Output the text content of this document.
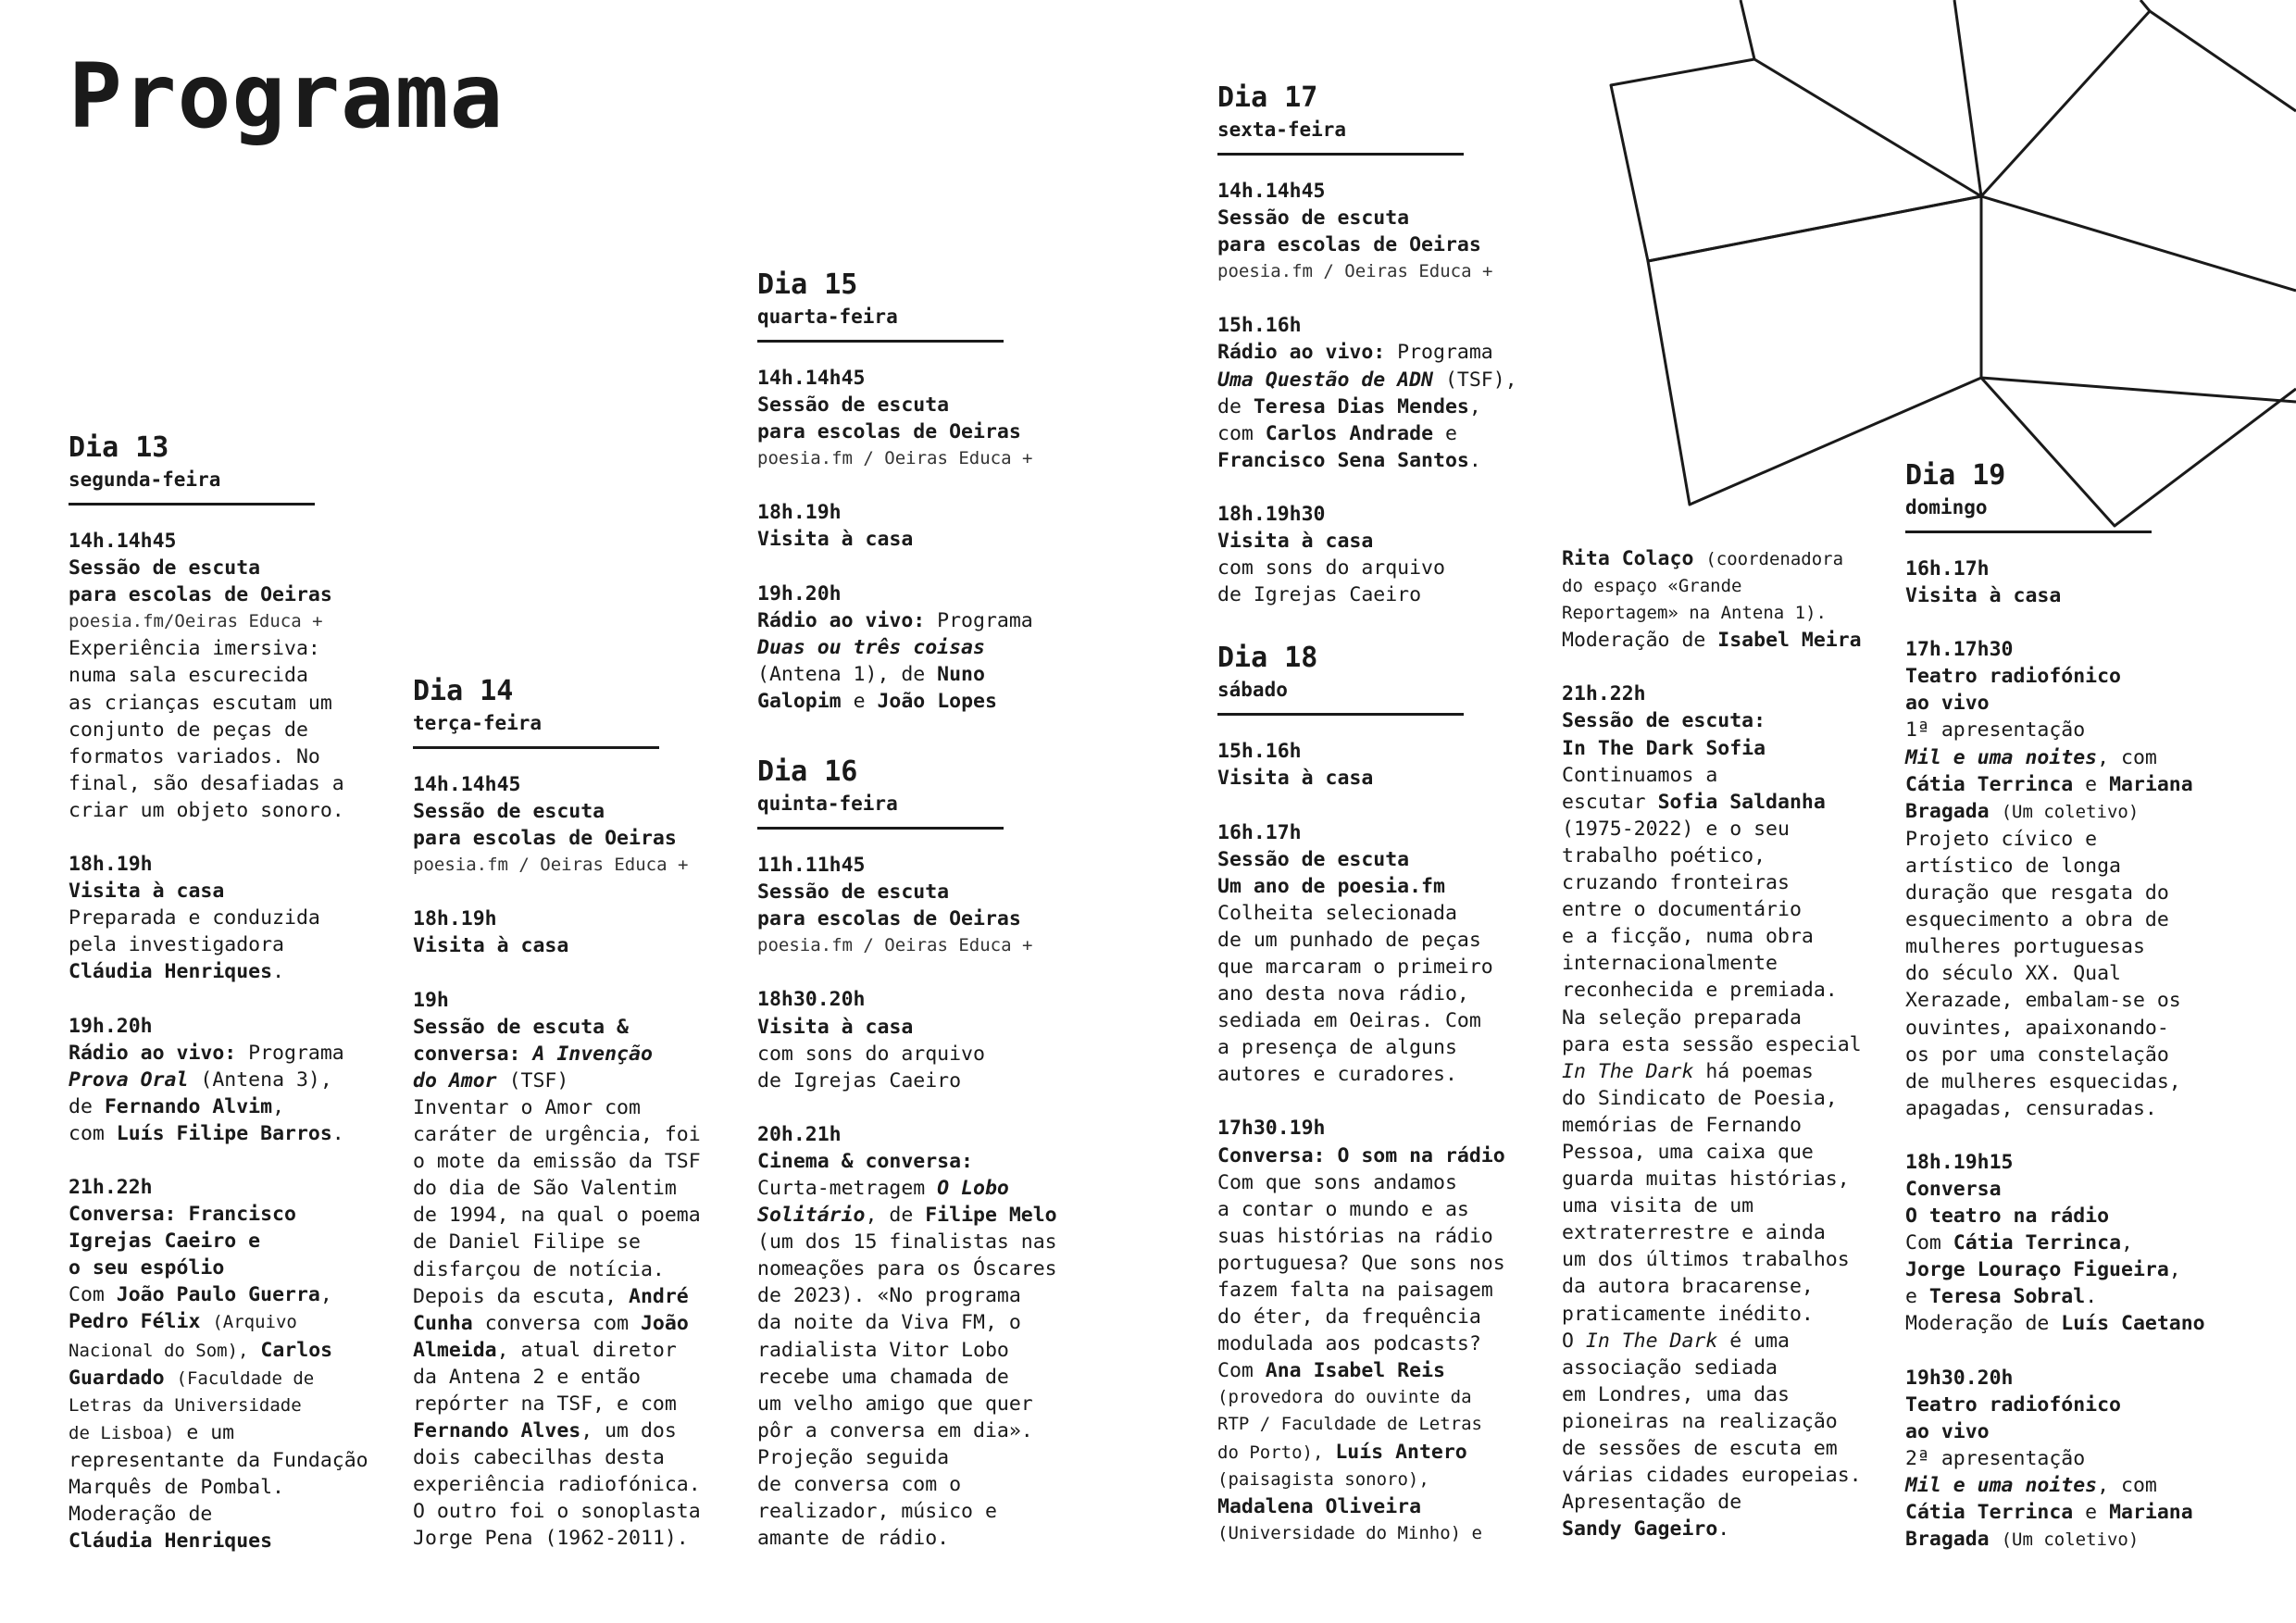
Programa
Dia 13

segunda-feira

14h.14h45

Sessão de escuta

para escolas de Oeiras

poesia.fm/Oeiras Educa +

Experiência imersiva:

numa sala escurecida

as crianças escutam um

conjunto de peças de

formatos variados. No

final, são desafiadas a

criar um objeto sonoro.

18h.19h

Visita à casa

Preparada e conduzida

pela investigadora

Cláudia Henriques.

19h.20h

Rádio ao vivo: Programa

Prova Oral (Antena 3),

de Fernando Alvim,

com Luís Filipe Barros.

21h.22h

Conversa: Francisco

Igrejas Caeiro e

o seu espólio

Com João Paulo Guerra,

Pedro Félix (Arquivo

Nacional do Som), Carlos

Guardado (Faculdade de

Letras da Universidade

de Lisboa) e um

representante da Fundação

Marquês de Pombal.

Moderação de

Cláudia Henriques

Dia 14

terça-feira

14h.14h45

Sessão de escuta

para escolas de Oeiras

poesia.fm / Oeiras Educa +

18h.19h

Visita à casa

19h

Sessão de escuta &

conversa: A Invenção

do Amor (TSF)

Inventar o Amor com

caráter de urgência, foi

o mote da emissão da TSF

do dia de São Valentim

de 1994, na qual o poema

de Daniel Filipe se

disfarçou de notícia.

Depois da escuta, André

Cunha conversa com João

Almeida, atual diretor

da Antena 2 e então

repórter na TSF, e com

Fernando Alves, um dos

dois cabecilhas desta

experiência radiofónica.

O outro foi o sonoplasta

Jorge Pena (1962-2011).

Dia 15

quarta-feira

14h.14h45

Sessão de escuta

para escolas de Oeiras

poesia.fm / Oeiras Educa +

18h.19h

Visita à casa

19h.20h

Rádio ao vivo: Programa

Duas ou três coisas

(Antena 1), de Nuno

Galopim e João Lopes

Dia 16

quinta-feira

11h.11h45

Sessão de escuta

para escolas de Oeiras

poesia.fm / Oeiras Educa +

18h30.20h

Visita à casa

com sons do arquivo

de Igrejas Caeiro

20h.21h

Cinema & conversa:

Curta-metragem O Lobo

Solitário, de Filipe Melo

(um dos 15 finalistas nas

nomeações para os Óscares

de 2023). «No programa

da noite da Viva FM, o

radialista Vitor Lobo

recebe uma chamada de

um velho amigo que quer

pôr a conversa em dia».

Projeção seguida

de conversa com o

realizador, músico e

amante de rádio.

Dia 17

sexta-feira

14h.14h45

Sessão de escuta

para escolas de Oeiras

poesia.fm / Oeiras Educa +

15h.16h

Rádio ao vivo: Programa

Uma Questão de ADN (TSF),

de Teresa Dias Mendes,

com Carlos Andrade e

Francisco Sena Santos.

18h.19h30

Visita à casa

com sons do arquivo

de Igrejas Caeiro

Dia 18

sábado

15h.16h

Visita à casa

16h.17h

Sessão de escuta

Um ano de poesia.fm

Colheita selecionada

de um punhado de peças

que marcaram o primeiro

ano desta nova rádio,

sediada em Oeiras. Com

a presença de alguns

autores e curadores.

17h30.19h

Conversa: O som na rádio

Com que sons andamos

a contar o mundo e as

suas histórias na rádio

portuguesa? Que sons nos

fazem falta na paisagem

do éter, da frequência

modulada aos podcasts?

Com Ana Isabel Reis

(provedora do ouvinte da

RTP / Faculdade de Letras

do Porto), Luís Antero

(paisagista sonoro),

Madalena Oliveira

(Universidade do Minho) e

Rita Colaço (coordenadora

do espaço «Grande

Reportagem» na Antena 1).

Moderação de Isabel Meira

21h.22h

Sessão de escuta:

In The Dark Sofia

Continuamos a

escutar Sofia Saldanha

(1975-2022) e o seu

trabalho poético,

cruzando fronteiras

entre o documentário

e a ficção, numa obra

internacionalmente

reconhecida e premiada.

Na seleção preparada

para esta sessão especial

In The Dark há poemas

do Sindicato de Poesia,

memórias de Fernando

Pessoa, uma caixa que

guarda muitas histórias,

uma visita de um

extraterrestre e ainda

um dos últimos trabalhos

da autora bracarense,

praticamente inédito.

O In The Dark é uma

associação sediada

em Londres, uma das

pioneiras na realização

de sessões de escuta em

várias cidades europeias.

Apresentação de

Sandy Gageiro.

Dia 19

domingo

16h.17h

Visita à casa

17h.17h30

Teatro radiofónico

ao vivo

1ª apresentação

Mil e uma noites, com

Cátia Terrinca e Mariana

Bragada (Um coletivo)

Projeto cívico e

artístico de longa

duração que resgata do

esquecimento a obra de

mulheres portuguesas

do século XX. Qual

Xerazade, embalam-se os

ouvintes, apaixonando-

os por uma constelação

de mulheres esquecidas,

apagadas, censuradas.

18h.19h15

Conversa

O teatro na rádio

Com Cátia Terrinca,

Jorge Louraço Figueira,

e Teresa Sobral.

Moderação de Luís Caetano

19h30.20h

Teatro radiofónico

ao vivo

2ª apresentação

Mil e uma noites, com

Cátia Terrinca e Mariana

Bragada (Um coletivo)
